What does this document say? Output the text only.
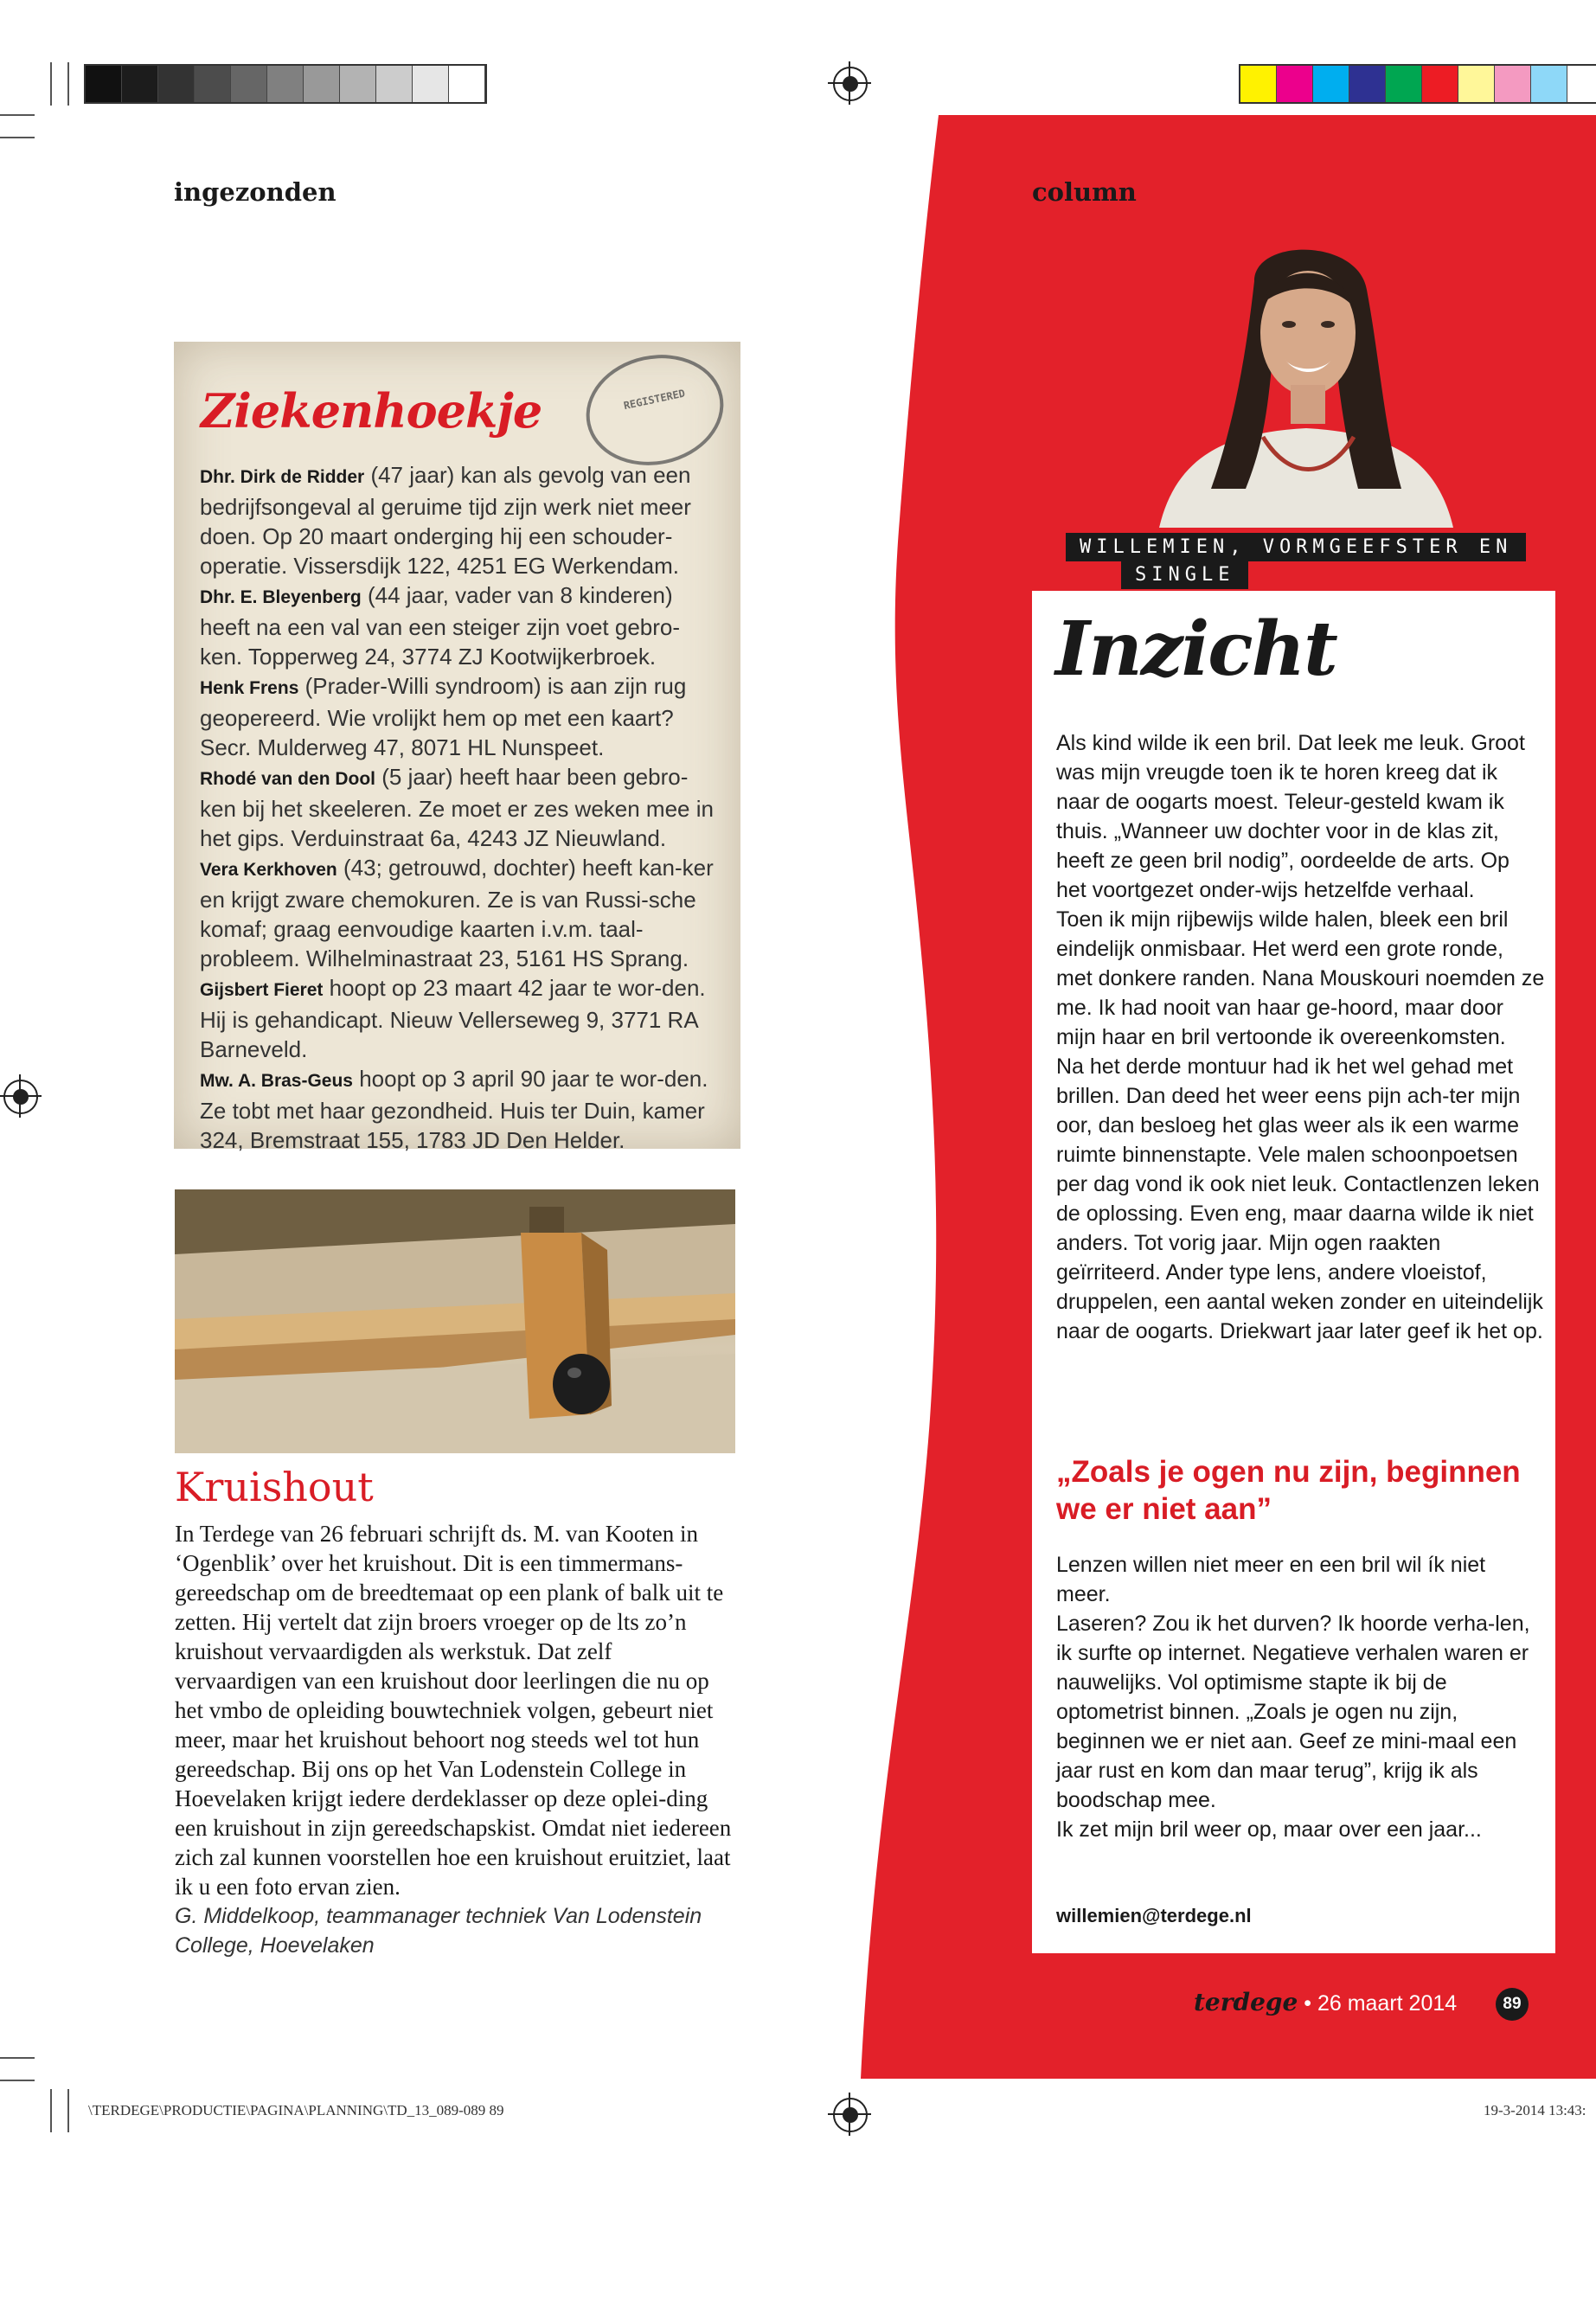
ingezonden	column
Ziekenhoekje	REGISTERED

Dhr. Dirk de Ridder (47 jaar) kan als gevolg van een bedrijfsongeval al geruime tijd zijn werk niet meer doen. Op 20 maart onderging hij een schouder-operatie. Vissersdijk 122, 4251 EG Werkendam.

Dhr. E. Bleyenberg (44 jaar, vader van 8 kinderen) heeft na een val van een steiger zijn voet gebro-ken. Topperweg 24, 3774 ZJ Kootwijkerbroek.

Henk Frens (Prader-Willi syndroom) is aan zijn rug geopereerd. Wie vrolijkt hem op met een kaart? Secr. Mulderweg 47, 8071 HL Nunspeet.

Rhodé van den Dool (5 jaar) heeft haar been gebro-ken bij het skeeleren. Ze moet er zes weken mee in het gips. Verduinstraat 6a, 4243 JZ Nieuwland.

Vera Kerkhoven (43; getrouwd, dochter) heeft kan-ker en krijgt zware chemokuren. Ze is van Russi-sche komaf; graag eenvoudige kaarten i.v.m. taal-probleem. Wilhelminastraat 23, 5161 HS Sprang.

Gijsbert Fieret hoopt op 23 maart 42 jaar te wor-den. Hij is gehandicapt. Nieuw Vellerseweg 9, 3771 RA Barneveld.

Mw. A. Bras-Geus hoopt op 3 april 90 jaar te wor-den. Ze tobt met haar gezondheid. Huis ter Duin, kamer 324, Bremstraat 155, 1783 JD Den Helder.

Kruishout
In Terdege van 26 februari schrijft ds. M. van Kooten in ‘Ogenblik’ over het kruishout. Dit is een timmermans-gereedschap om de breedtemaat op een plank of balk uit te zetten. Hij vertelt dat zijn broers vroeger op de lts zo’n kruishout vervaardigden als werkstuk. Dat zelf vervaardigen van een kruishout door leerlingen die nu op het vmbo de opleiding bouwtechniek volgen, gebeurt niet meer, maar het kruishout behoort nog steeds wel tot hun gereedschap. Bij ons op het Van Lodenstein College in Hoevelaken krijgt iedere derdeklasser op deze oplei-ding een kruishout in zijn gereedschapskist. Omdat niet iedereen zich zal kunnen voorstellen hoe een kruishout eruitziet, laat ik u een foto ervan zien.
G. Middelkoop, teammanager techniek Van Lodenstein College, Hoevelaken
WILLEMIEN, VORMGEEFSTER EN
SINGLE
Inzicht

Als kind wilde ik een bril. Dat leek me leuk. Groot was mijn vreugde toen ik te horen kreeg dat ik naar de oogarts moest. Teleur-gesteld kwam ik thuis. „Wanneer uw dochter voor in de klas zit, heeft ze geen bril nodig”, oordeelde de arts. Op het voortgezet onder-wijs hetzelfde verhaal.

Toen ik mijn rijbewijs wilde halen, bleek een bril eindelijk onmisbaar. Het werd een grote ronde, met donkere randen. Nana Mouskouri noemden ze me. Ik had nooit van haar ge-hoord, maar door mijn haar en bril vertoonde ik overeenkomsten.

Na het derde montuur had ik het wel gehad met brillen. Dan deed het weer eens pijn ach-ter mijn oor, dan besloeg het glas weer als ik een warme ruimte binnenstapte. Vele malen schoonpoetsen per dag vond ik ook niet leuk. Contactlenzen leken de oplossing. Even eng, maar daarna wilde ik niet anders. Tot vorig jaar. Mijn ogen raakten geïrriteerd. Ander type lens, andere vloeistof, druppelen, een aantal weken zonder en uiteindelijk naar de oogarts. Driekwart jaar later geef ik het op.

„Zoals je ogen nu zijn, beginnen we er niet aan”

Lenzen willen niet meer en een bril wil ík niet meer.

Laseren? Zou ik het durven? Ik hoorde verha-len, ik surfte op internet. Negatieve verhalen waren er nauwelijks. Vol optimisme stapte ik bij de optometrist binnen. „Zoals je ogen nu zijn, beginnen we er niet aan. Geef ze mini-maal een jaar rust en kom dan maar terug”, krijg ik als boodschap mee.

Ik zet mijn bril weer op, maar over een jaar...

willemien@terdege.nl
terdege • 26 maart 2014	89
\TERDEGE\PRODUCTIE\PAGINA\PLANNING\TD_13_089-089 89	19-3-2014 13:43:
